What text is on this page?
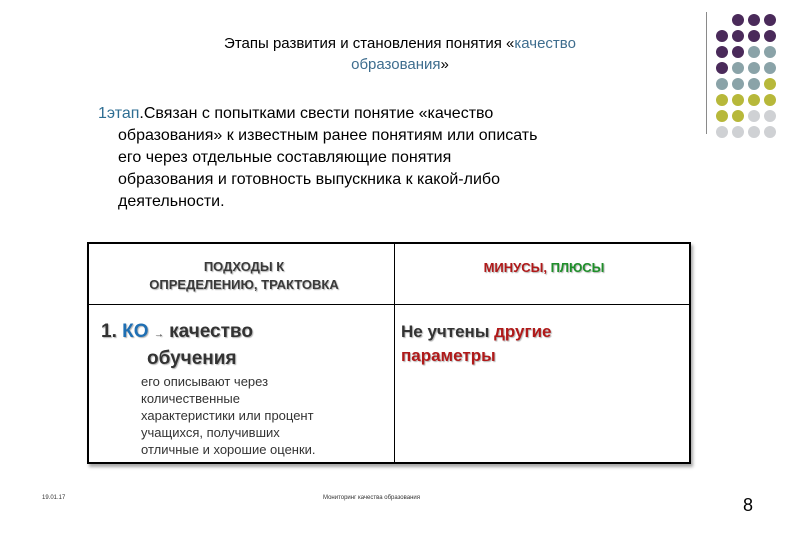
Этапы развития и становления понятия «качество
образования»
1этап.Связан с попытками свести понятие «качество
образования» к известным ранее понятиям или описать
его через отдельные составляющие понятия
образования и готовность выпускника к какой-либо
деятельности.
ПОДХОДЫ К
ОПРЕДЕЛЕНИЮ, ТРАКТОВКА
МИНУСЫ, ПЛЮСЫ
1. КО → качество
обучения
его описывают через
количественные
характеристики или процент
учащихся, получивших
отличные и хорошие оценки.
Не учтены другие
параметры
19.01.17	Мониторинг качества образования	8
